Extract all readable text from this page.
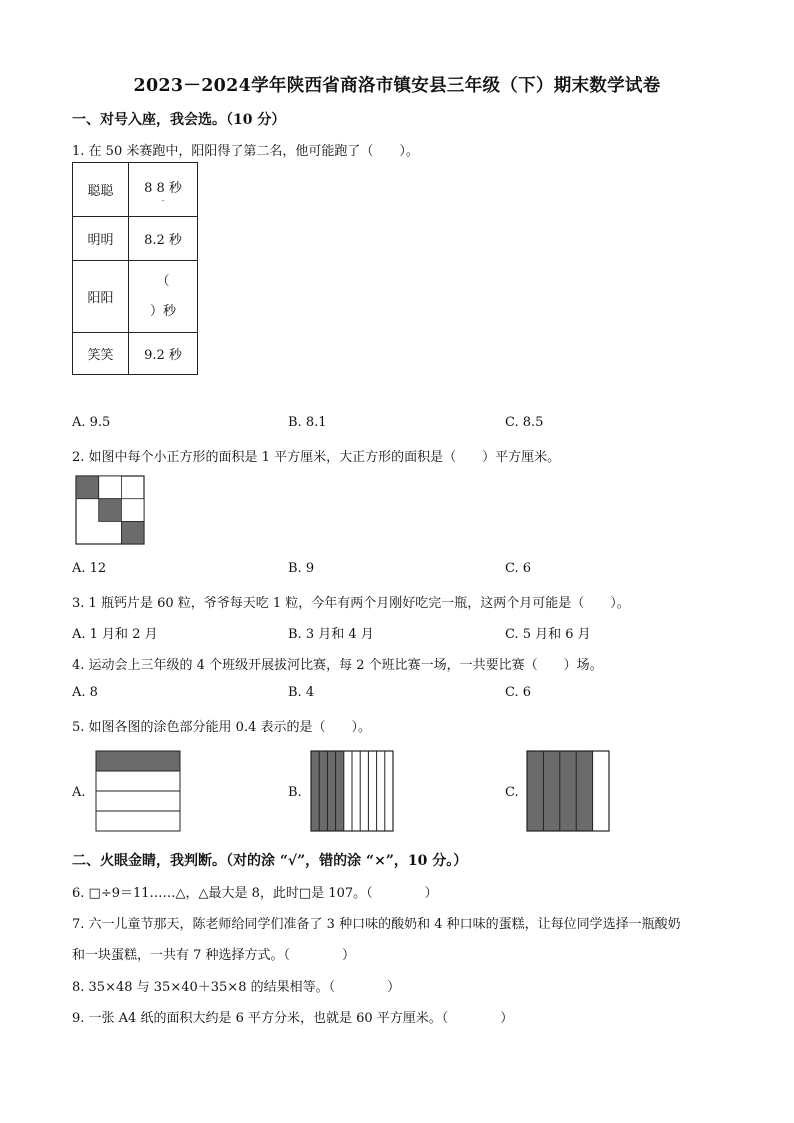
2023－2024学年陕西省商洛市镇安县三年级（下）期末数学试卷
一、对号入座，我会选。（10 分）
1. 在 50 米赛跑中，阳阳得了第二名，他可能跑了（　　）。
聪聪	8 8 秒
.

明明	8.2 秒
阳阳	（
）秒

笑笑	9.2 秒
A. 9.5	B. 8.1	C. 8.5
2. 如图中每个小正方形的面积是 1 平方厘米，大正方形的面积是（　　）平方厘米。
A. 12	B. 9	C. 6
3. 1 瓶钙片是 60 粒，爷爷每天吃 1 粒，今年有两个月刚好吃完一瓶，这两个月可能是（　　）。
A. 1 月和 2 月	B. 3 月和 4 月	C. 5 月和 6 月
4. 运动会上三年级的 4 个班级开展拔河比赛，每 2 个班比赛一场，一共要比赛（　　）场。
A. 8	B. 4	C. 6
5. 如图各图的涂色部分能用 0.4 表示的是（　　）。
A.	B.	C.
二、火眼金睛，我判断。（对的涂 “√”，错的涂 “×”，10 分。）
6. □÷9＝11……△，△最大是 8，此时□是 107。（　　　　）
7. 六一儿童节那天，陈老师给同学们准备了 3 种口味的酸奶和 4 种口味的蛋糕，让每位同学选择一瓶酸奶
和一块蛋糕，一共有 7 种选择方式。（　　　　）
8. 35×48 与 35×40＋35×8 的结果相等。（　　　　）
9. 一张 A4 纸的面积大约是 6 平方分米，也就是 60 平方厘米。（　　　　）
